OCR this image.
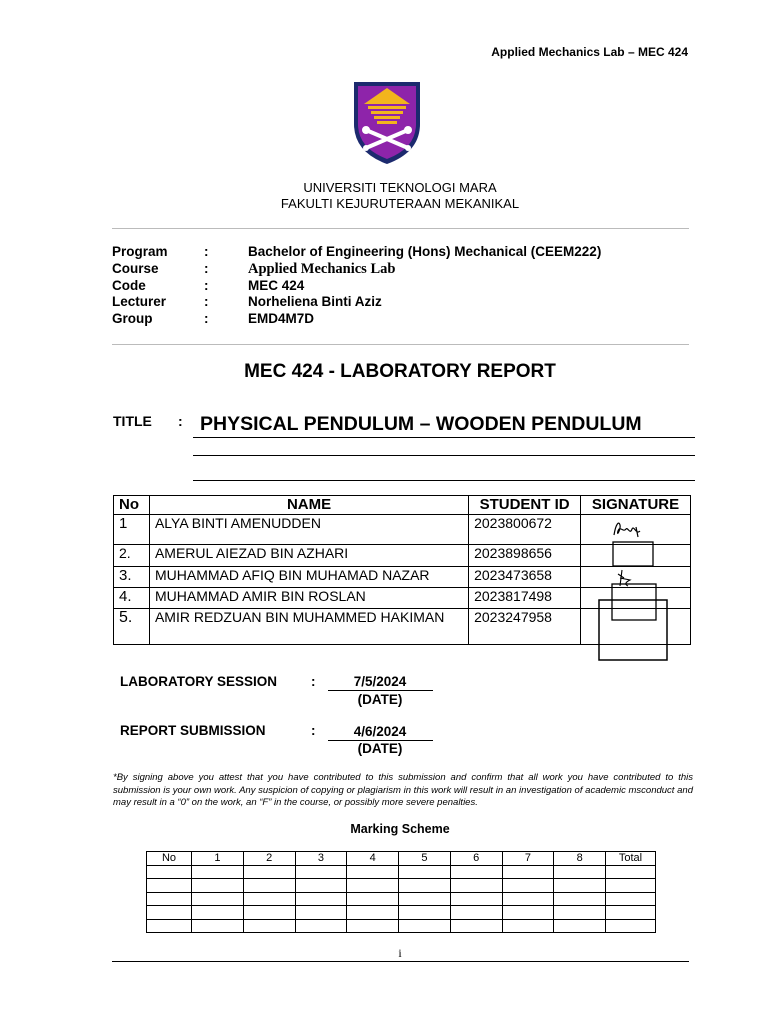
Applied Mechanics Lab – MEC 424
UNIVERSITI TEKNOLOGI MARA
FAKULTI KEJURUTERAAN MEKANIKAL
Program	:	Bachelor of Engineering (Hons) Mechanical (CEEM222)
Course	:	Applied Mechanics Lab
Code	:	MEC 424
Lecturer	:	Norheliena Binti Aziz
Group	:	EMD4M7D
MEC 424 - LABORATORY REPORT
TITLE : PHYSICAL PENDULUM – WOODEN PENDULUM
No	NAME	STUDENT ID	SIGNATURE
1	ALYA BINTI AMENUDDEN	2023800672	
2.	AMERUL AIEZAD BIN AZHARI	2023898656	
3.	MUHAMMAD AFIQ BIN MUHAMAD NAZAR	2023473658	
4.	MUHAMMAD AMIR BIN ROSLAN	2023817498	
5.	AMIR REDZUAN BIN MUHAMMED HAKIMAN	2023247958	
LABORATORY SESSION	:	7/5/2024
(DATE)
REPORT SUBMISSION	:	4/6/2024
(DATE)
*By signing above you attest that you have contributed to this submission and confirm that all work you have contributed to this submission is your own work. Any suspicion of copying or plagiarism in this work will result in an investigation of academic msconduct and may result in a “0” on the work, an “F” in the course, or possibly more severe penalties.
Marking Scheme
No	1	2	3	4	5	6	7	8	Total

i
